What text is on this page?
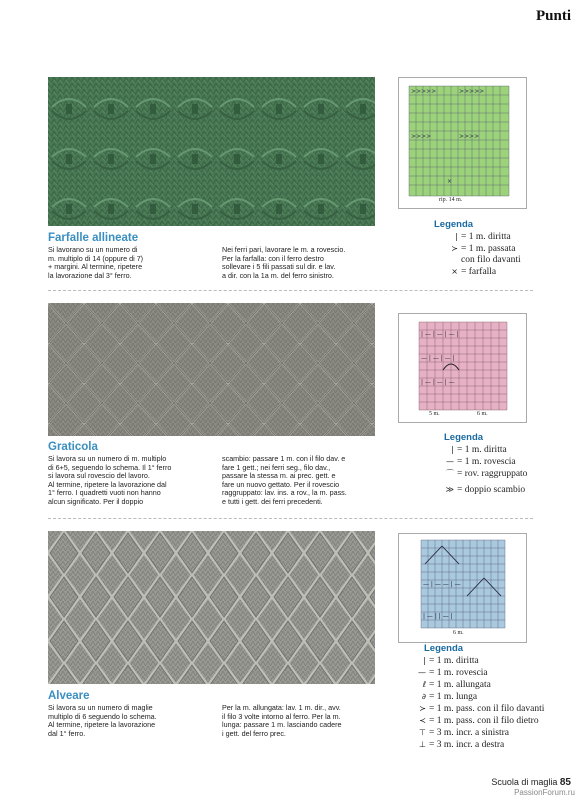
Punti
>>>>>	>>>>>
>>>>	>>>>
×
rip. 14 m.
Legenda
| = 1 m. diritta
≻ = 1 m. passata
con filo davanti
× = farfalla
Farfalle allineate
Si lavorano su un numero di
m. multiplo di 14 (oppure di 7)
+ margini. Al termine, ripetere
la lavorazione dal 3° ferro.
Nei ferri pari, lavorare le m. a rovescio.
Per la farfalla: con il ferro destro
sollevare i 5 fili passati sul dir. e lav.
a dir. con la 1a m. del ferro sinistro.
| — | — | — |
— | — | — |
| — | — | —
5 m.	6 m.
Legenda
| = 1 m. diritta
— = 1 m. rovescia
⌒ = rov. raggruppato
≫ = doppio scambio
Graticola
Si lavora su un numero di m. multiplo
di 6+5, seguendo lo schema. Il 1° ferro
si lavora sul rovescio del lavoro.
Al termine, ripetere la lavorazione dal
1° ferro. I quadretti vuoti non hanno
alcun significato. Per il doppio
scambio: passare 1 m. con il filo dav. e
fare 1 gett.; nei ferri seg., filo dav.,
passare la stessa m. ai prec. gett. e
fare un nuovo gettato. Per il rovescio
raggruppato: lav. ins. a rov., la m. pass.
e tutti i gett. dei ferri precedenti.
— | — — | —
| — | | — |
6 m.
Legenda
| = 1 m. diritta
— = 1 m. rovescia
ℓ = 1 m. allungata
∂ = 1 m. lunga
≻ = 1 m. pass. con il filo davanti
≺ = 1 m. pass. con il filo dietro
⊤ = 3 m. incr. a sinistra
⊥ = 3 m. incr. a destra
Alveare
Si lavora su un numero di maglie
multiplo di 6 seguendo lo schema.
Al termine, ripetere la lavorazione
dal 1° ferro.
Per la m. allungata: lav. 1 m. dir., avv.
il filo 3 volte intorno al ferro. Per la m.
lunga: passare 1 m. lasciando cadere
i gett. del ferro prec.
Scuola di maglia 85
PassionForum.ru
